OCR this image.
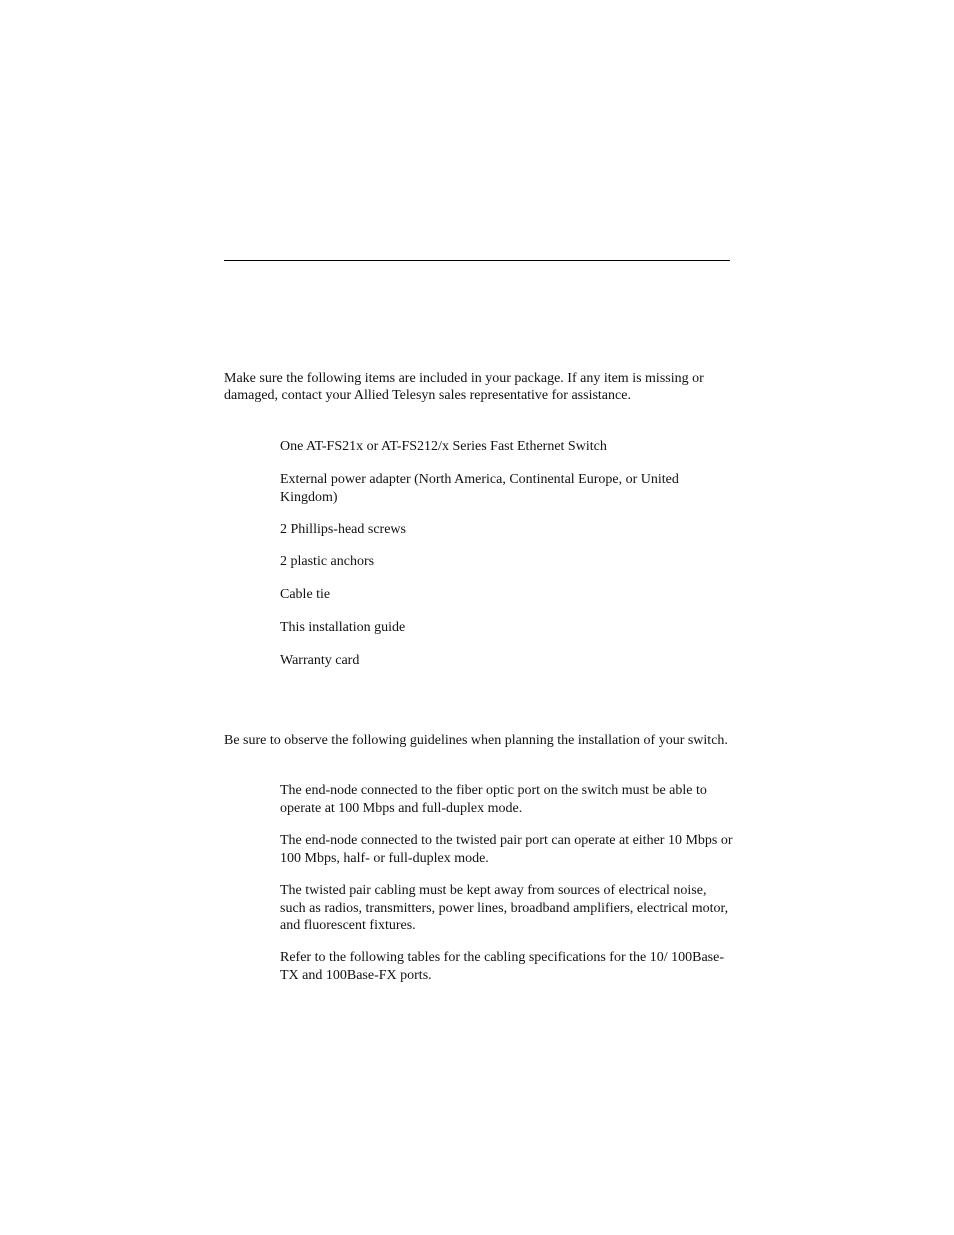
Make sure the following items are included in your package. If any item is missing or damaged, contact your Allied Telesyn sales representative for assistance.

One AT-FS21x or AT-FS212/x Series Fast Ethernet Switch

External power adapter (North America, Continental Europe, or United Kingdom)

2 Phillips-head screws

2 plastic anchors

Cable tie

This installation guide

Warranty card

Be sure to observe the following guidelines when planning the installation of your switch.

The end-node connected to the fiber optic port on the switch must be able to operate at 100 Mbps and full-duplex mode.

The end-node connected to the twisted pair port can operate at either 10 Mbps or 100 Mbps, half- or full-duplex mode.

The twisted pair cabling must be kept away from sources of electrical noise, such as radios, transmitters, power lines, broadband amplifiers, electrical motor, and fluorescent fixtures.

Refer to the following tables for the cabling specifications for the 10/ 100Base-TX and 100Base-FX ports.
